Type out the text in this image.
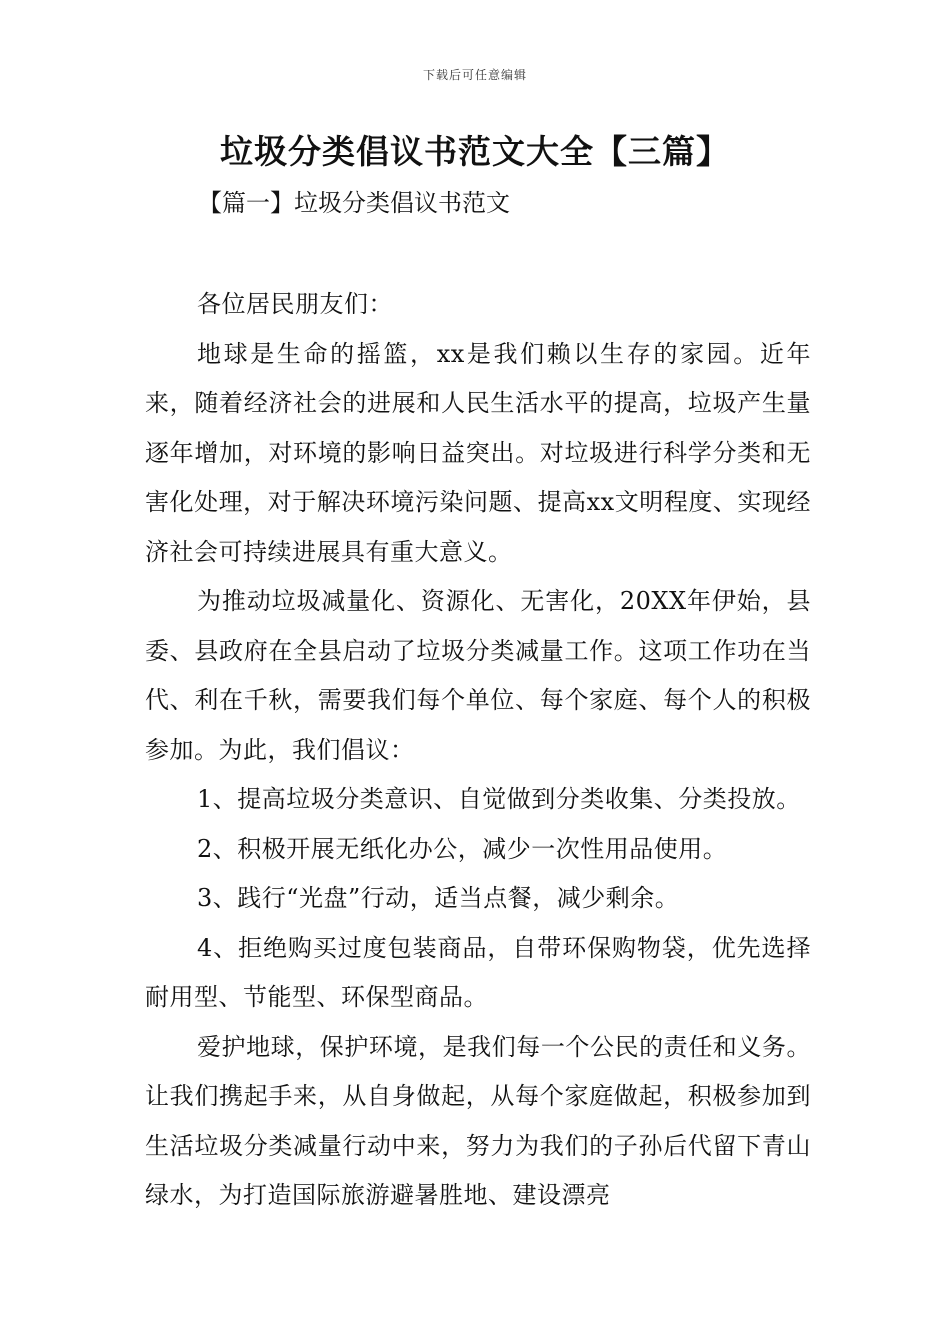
下载后可任意编辑
垃圾分类倡议书范文大全【三篇】
【篇一】垃圾分类倡议书范文

各位居民朋友们：

地球是生命的摇篮，xx是我们赖以生存的家园。近年来，随着经济社会的进展和人民生活水平的提高，垃圾产生量逐年增加，对环境的影响日益突出。对垃圾进行科学分类和无害化处理，对于解决环境污染问题、提高xx文明程度、实现经济社会可持续进展具有重大意义。

为推动垃圾减量化、资源化、无害化，20XX年伊始，县委、县政府在全县启动了垃圾分类减量工作。这项工作功在当代、利在千秋，需要我们每个单位、每个家庭、每个人的积极参加。为此，我们倡议：

1、提高垃圾分类意识、自觉做到分类收集、分类投放。

2、积极开展无纸化办公，减少一次性用品使用。

3、践行“光盘”行动，适当点餐，减少剩余。

4、拒绝购买过度包装商品，自带环保购物袋，优先选择耐用型、节能型、环保型商品。

爱护地球，保护环境，是我们每一个公民的责任和义务。让我们携起手来，从自身做起，从每个家庭做起，积极参加到生活垃圾分类减量行动中来，努力为我们的子孙后代留下青山绿水，为打造国际旅游避暑胜地、建设漂亮
